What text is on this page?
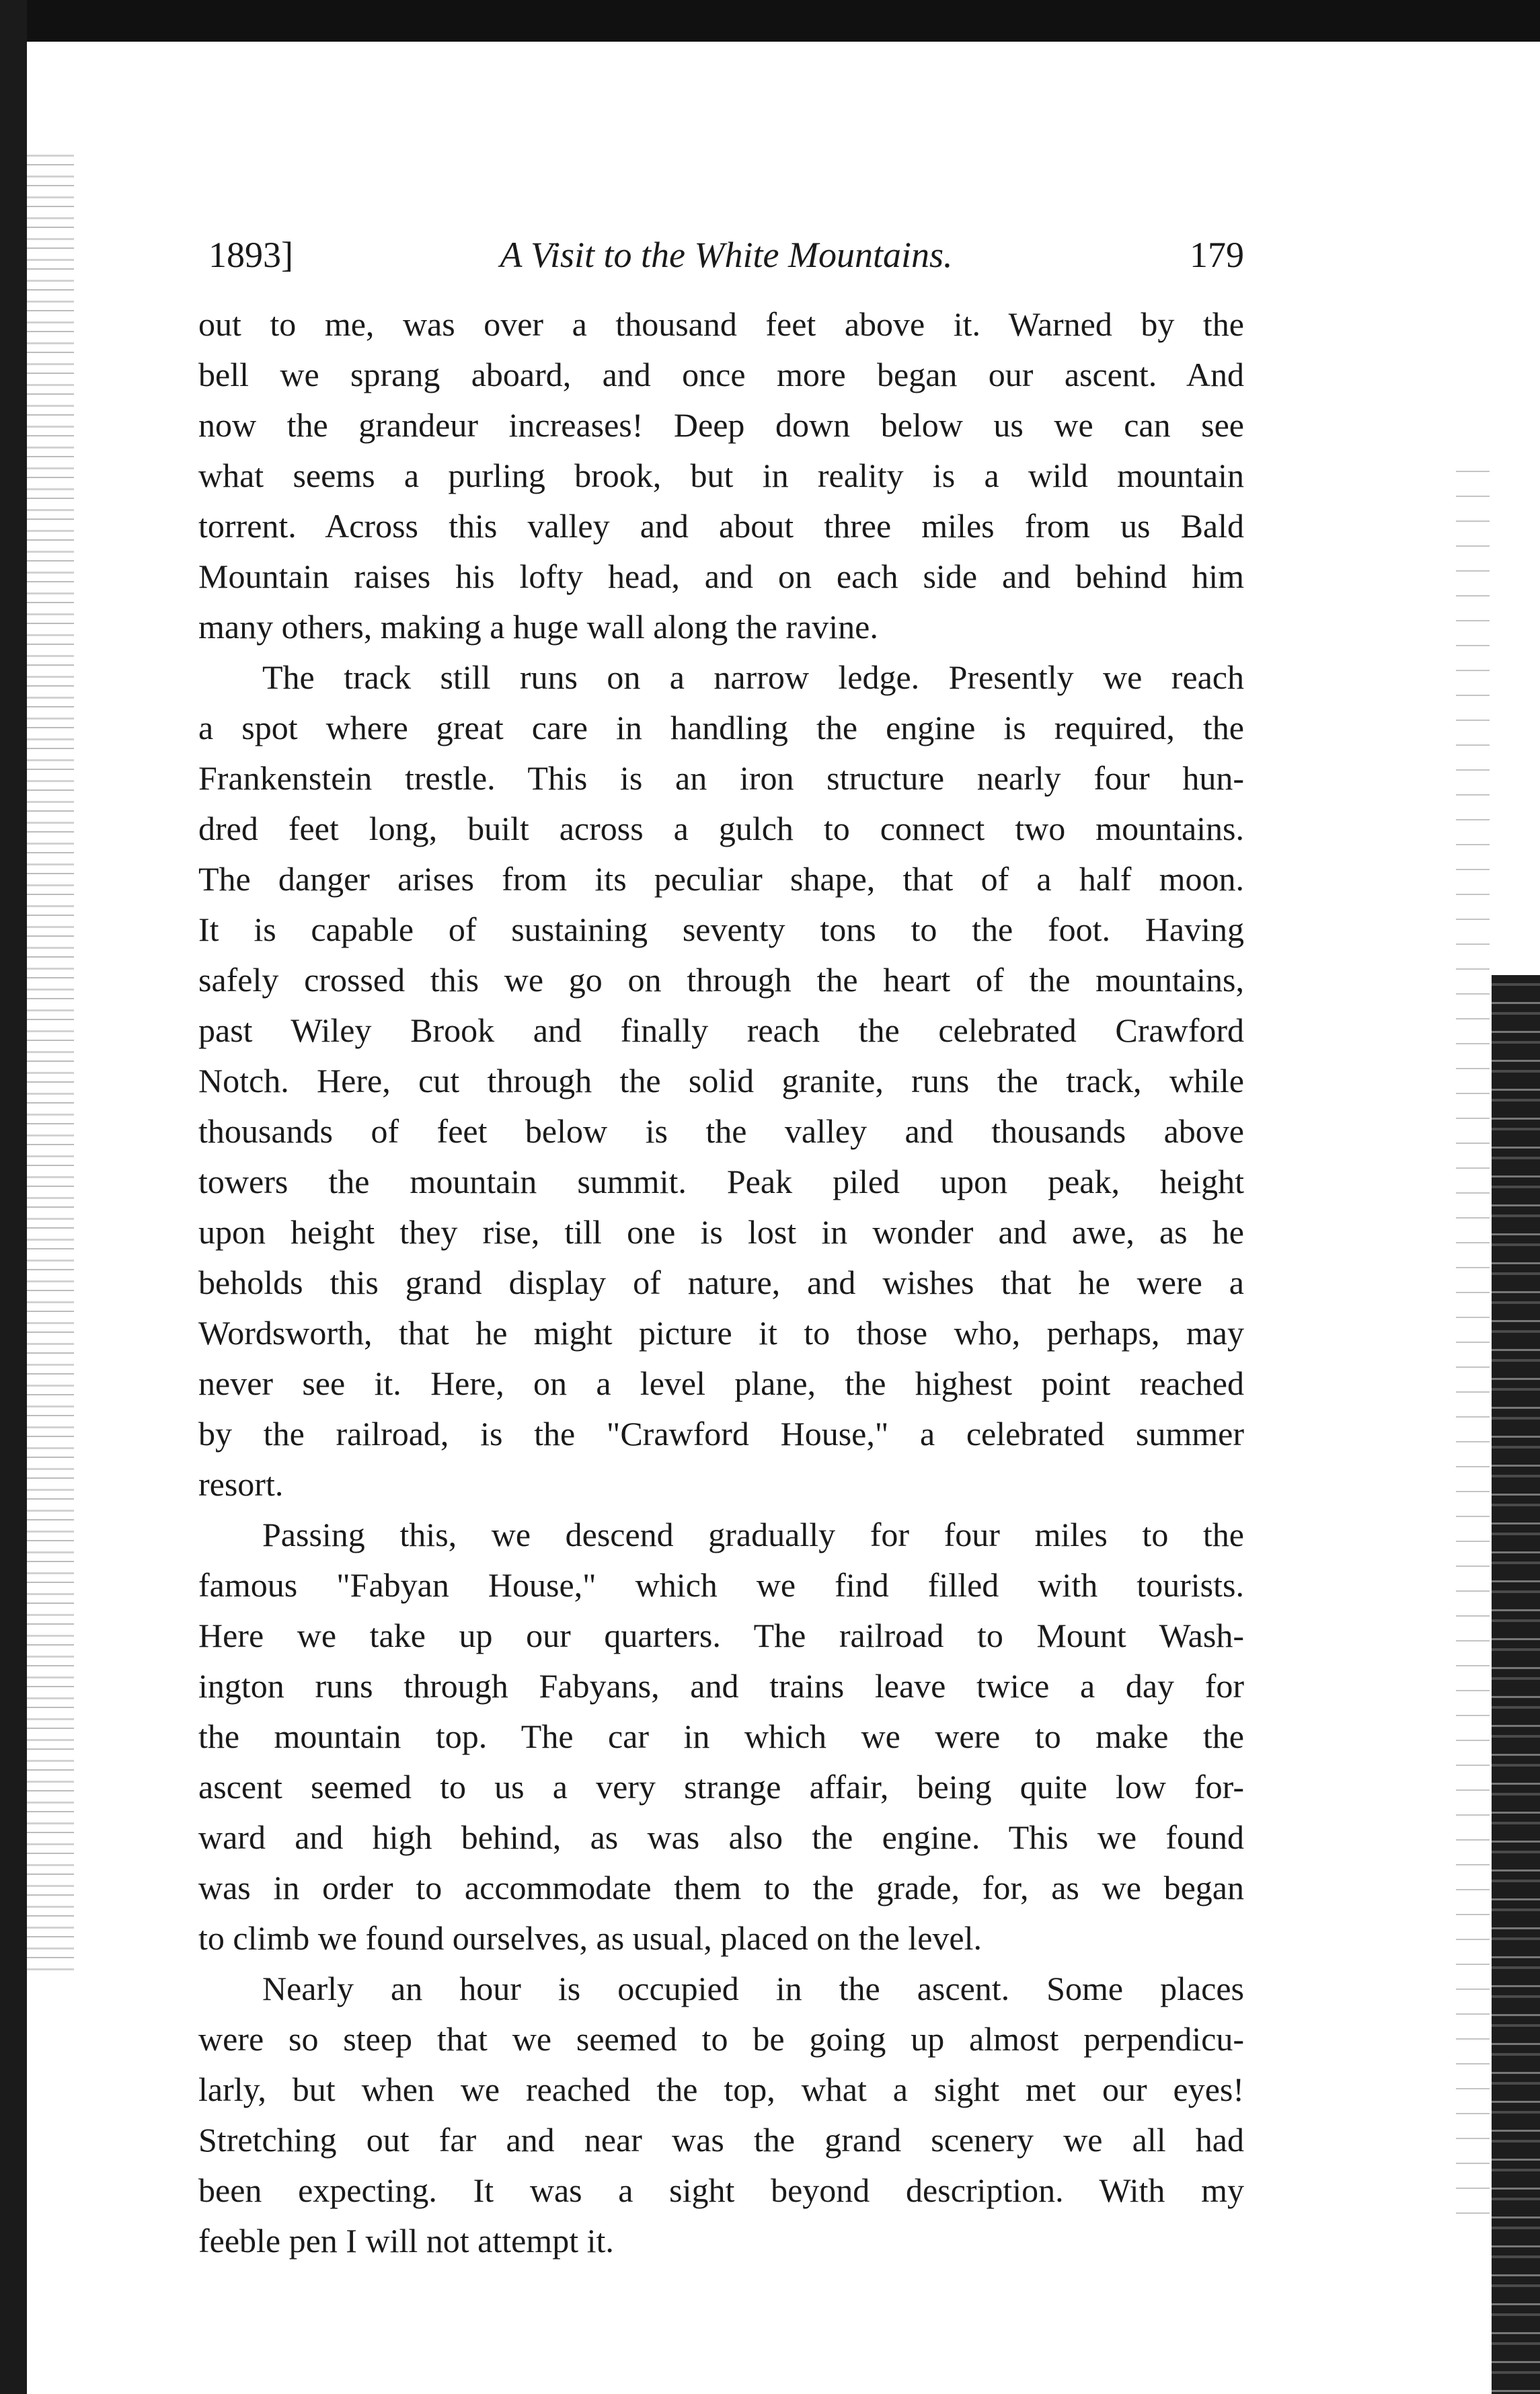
1893]	A Visit to the White Mountains.	179
out to me, was over a thousand feet above it. Warned by the
bell we sprang aboard, and once more began our ascent. And
now the grandeur increases! Deep down below us we can see
what seems a purling brook, but in reality is a wild mountain
torrent. Across this valley and about three miles from us Bald
Mountain raises his lofty head, and on each side and behind him
many others, making a huge wall along the ravine.
The track still runs on a narrow ledge. Presently we reach
a spot where great care in handling the engine is required, the
Frankenstein trestle. This is an iron structure nearly four hun-
dred feet long, built across a gulch to connect two mountains.
The danger arises from its peculiar shape, that of a half moon.
It is capable of sustaining seventy tons to the foot. Having
safely crossed this we go on through the heart of the mountains,
past Wiley Brook and finally reach the celebrated Crawford
Notch. Here, cut through the solid granite, runs the track, while
thousands of feet below is the valley and thousands above
towers the mountain summit. Peak piled upon peak, height
upon height they rise, till one is lost in wonder and awe, as he
beholds this grand display of nature, and wishes that he were a
Wordsworth, that he might picture it to those who, perhaps, may
never see it. Here, on a level plane, the highest point reached
by the railroad, is the "Crawford House," a celebrated summer
resort.
Passing this, we descend gradually for four miles to the
famous "Fabyan House," which we find filled with tourists.
Here we take up our quarters. The railroad to Mount Wash-
ington runs through Fabyans, and trains leave twice a day for
the mountain top. The car in which we were to make the
ascent seemed to us a very strange affair, being quite low for-
ward and high behind, as was also the engine. This we found
was in order to accommodate them to the grade, for, as we began
to climb we found ourselves, as usual, placed on the level.
Nearly an hour is occupied in the ascent. Some places
were so steep that we seemed to be going up almost perpendicu-
larly, but when we reached the top, what a sight met our eyes!
Stretching out far and near was the grand scenery we all had
been expecting. It was a sight beyond description. With my
feeble pen I will not attempt it.
